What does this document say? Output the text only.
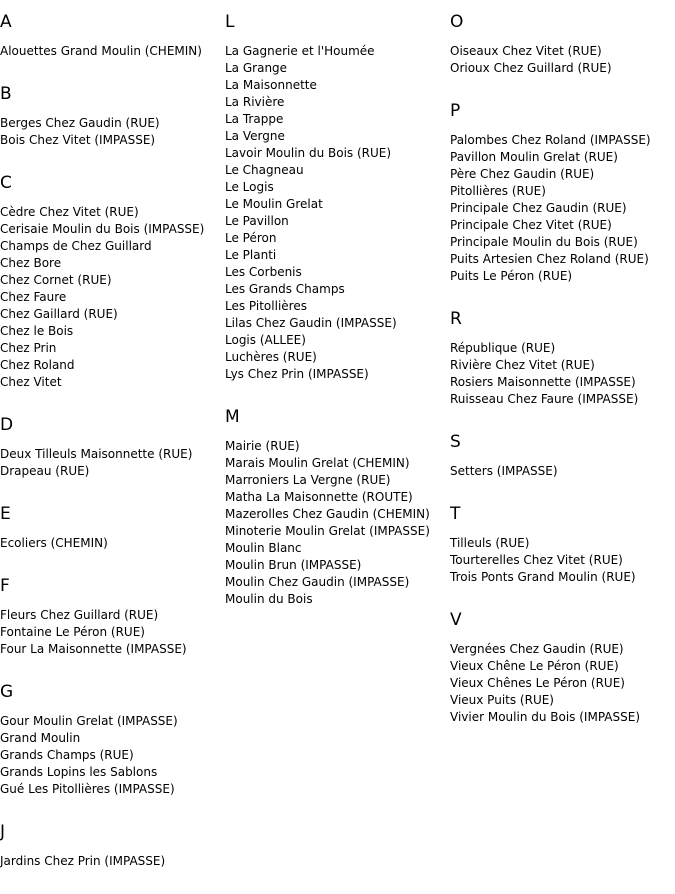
A
Alouettes Grand Moulin (CHEMIN)
B
Berges Chez Gaudin (RUE)
Bois Chez Vitet (IMPASSE)
C
Cèdre Chez Vitet (RUE)
Cerisaie Moulin du Bois (IMPASSE)
Champs de Chez Guillard
Chez Bore
Chez Cornet (RUE)
Chez Faure
Chez Gaillard (RUE)
Chez le Bois
Chez Prin
Chez Roland
Chez Vitet
D
Deux Tilleuls Maisonnette (RUE)
Drapeau (RUE)
E
Ecoliers (CHEMIN)
F
Fleurs Chez Guillard (RUE)
Fontaine Le Péron (RUE)
Four La Maisonnette (IMPASSE)
G
Gour Moulin Grelat (IMPASSE)
Grand Moulin
Grands Champs (RUE)
Grands Lopins les Sablons
Gué Les Pitollières (IMPASSE)
J
Jardins Chez Prin (IMPASSE)
L
La Gagnerie et l'Houmée
La Grange
La Maisonnette
La Rivière
La Trappe
La Vergne
Lavoir Moulin du Bois (RUE)
Le Chagneau
Le Logis
Le Moulin Grelat
Le Pavillon
Le Péron
Le Planti
Les Corbenis
Les Grands Champs
Les Pitollières
Lilas Chez Gaudin (IMPASSE)
Logis (ALLEE)
Luchères (RUE)
Lys Chez Prin (IMPASSE)
M
Mairie (RUE)
Marais Moulin Grelat (CHEMIN)
Marroniers La Vergne (RUE)
Matha La Maisonnette (ROUTE)
Mazerolles Chez Gaudin (CHEMIN)
Minoterie Moulin Grelat (IMPASSE)
Moulin Blanc
Moulin Brun (IMPASSE)
Moulin Chez Gaudin (IMPASSE)
Moulin du Bois
O
Oiseaux Chez Vitet (RUE)
Orioux Chez Guillard (RUE)
P
Palombes Chez Roland (IMPASSE)
Pavillon Moulin Grelat (RUE)
Père Chez Gaudin (RUE)
Pitollières (RUE)
Principale Chez Gaudin (RUE)
Principale Chez Vitet (RUE)
Principale Moulin du Bois (RUE)
Puits Artesien Chez Roland (RUE)
Puits Le Péron (RUE)
R
République (RUE)
Rivière Chez Vitet (RUE)
Rosiers Maisonnette (IMPASSE)
Ruisseau Chez Faure (IMPASSE)
S
Setters (IMPASSE)
T
Tilleuls (RUE)
Tourterelles Chez Vitet (RUE)
Trois Ponts Grand Moulin (RUE)
V
Vergnées Chez Gaudin (RUE)
Vieux Chêne Le Péron (RUE)
Vieux Chênes Le Péron (RUE)
Vieux Puits (RUE)
Vivier Moulin du Bois (IMPASSE)
